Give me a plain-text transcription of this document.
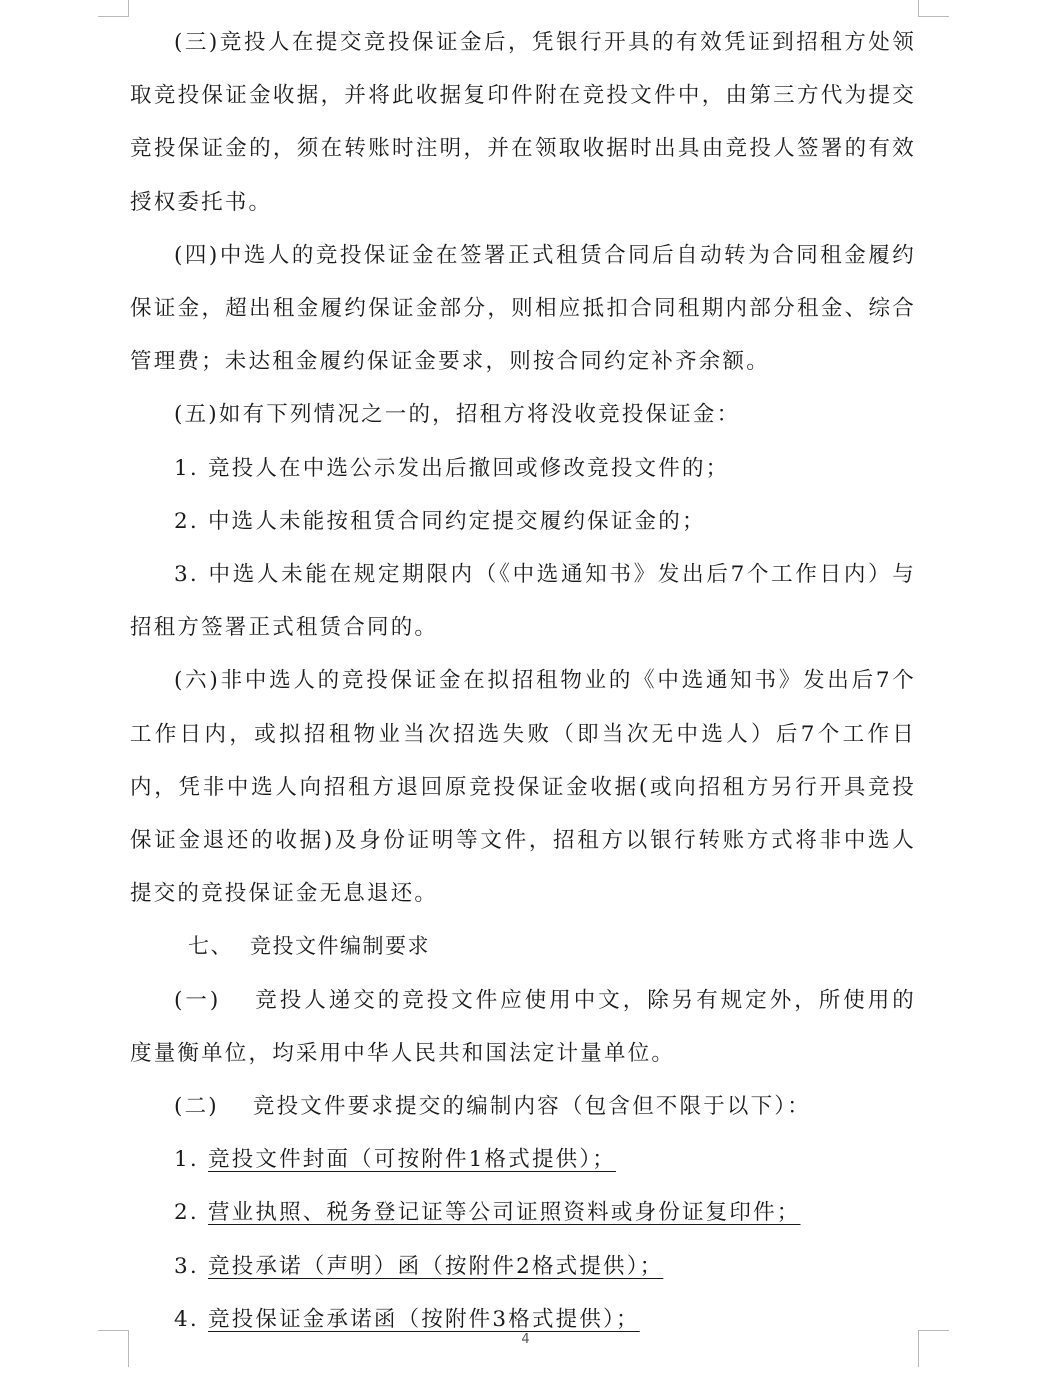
(三)竞投人在提交竞投保证金后，凭银行开具的有效凭证到招租方处领取竞投保证金收据，并将此收据复印件附在竞投文件中，由第三方代为提交竞投保证金的，须在转账时注明，并在领取收据时出具由竞投人签署的有效授权委托书。

(四)中选人的竞投保证金在签署正式租赁合同后自动转为合同租金履约保证金，超出租金履约保证金部分，则相应抵扣合同租期内部分租金、综合管理费；未达租金履约保证金要求，则按合同约定补齐余额。

(五)如有下列情况之一的，招租方将没收竞投保证金：

1. 竞投人在中选公示发出后撤回或修改竞投文件的；

2. 中选人未能按租赁合同约定提交履约保证金的；

3. 中选人未能在规定期限内（《中选通知书》发出后7个工作日内）与招租方签署正式租赁合同的。

(六)非中选人的竞投保证金在拟招租物业的《中选通知书》发出后7个工作日内，或拟招租物业当次招选失败（即当次无中选人）后7个工作日内，凭非中选人向招租方退回原竞投保证金收据(或向招租方另行开具竞投保证金退还的收据)及身份证明等文件，招租方以银行转账方式将非中选人提交的竞投保证金无息退还。

七、 竞投文件编制要求

(一) 竞投人递交的竞投文件应使用中文，除另有规定外，所使用的度量衡单位，均采用中华人民共和国法定计量单位。

(二) 竞投文件要求提交的编制内容（包含但不限于以下）：

1. 竞投文件封面（可按附件1格式提供）；

2. 营业执照、税务登记证等公司证照资料或身份证复印件；

3. 竞投承诺（声明）函（按附件2格式提供）；

4. 竞投保证金承诺函（按附件3格式提供）；

4
